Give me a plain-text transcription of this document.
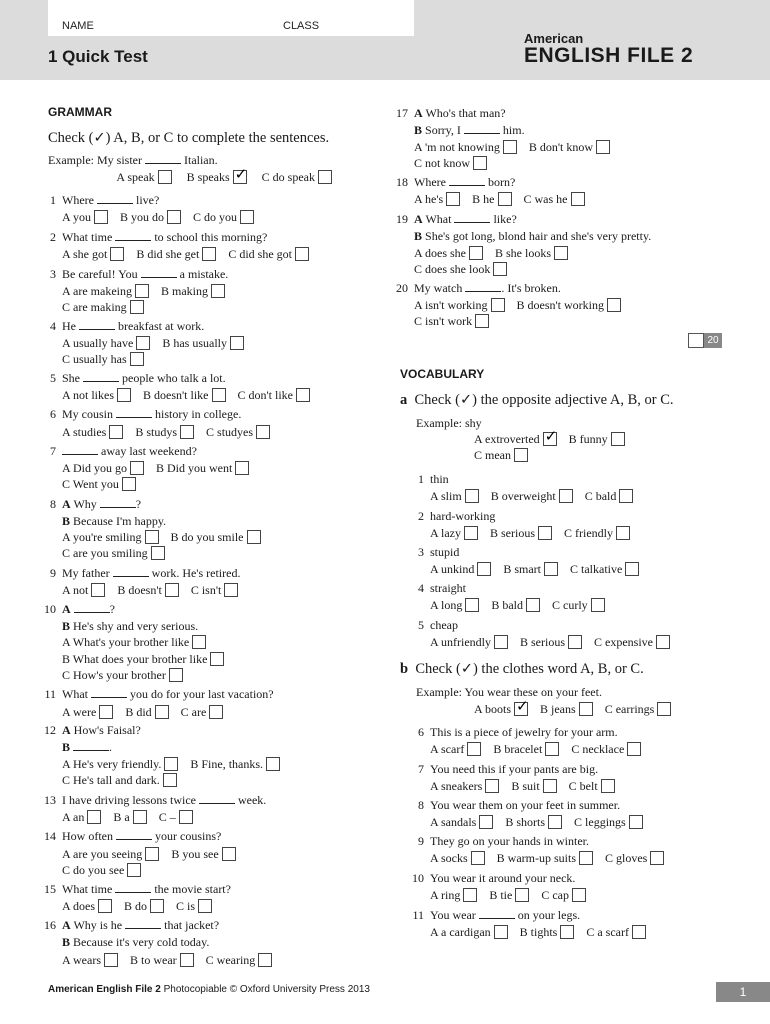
NAME	CLASS
1 Quick Test
American
ENGLISH FILE 2
GRAMMAR
Check (✓) A, B, or C to complete the sentences.
Example: My sister	Italian.
A speak	B speaks ✓	C do speak
1 Where	live?
A you B you do C do you
2 What time	to school this morning?
A she got B did she get C did she got
3 Be careful! You	a mistake.
A are makeing B making
C are making
4 He	breakfast at work.
A usually have B has usually
C usually has
5 She	people who talk a lot.
A not likes B doesn't like C don't like
6 My cousin	history in college.
A studies B studys C studyes
7	away last weekend?
A Did you go B Did you went
C Went you
8 A Why	?
B Because I'm happy.
A you're smiling B do you smile
C are you smiling
9 My father	work. He's retired.
A not B doesn't C isn't
10 A	?
B He's shy and very serious.
A What's your brother like
B What does your brother like
C How's your brother
11 What	you do for your last vacation?
A were B did C are
12 A How's Faisal?
B	.
A He's very friendly. B Fine, thanks.
C He's tall and dark.
13 I have driving lessons twice	week.
A an B a C –
14 How often	your cousins?
A are you seeing B you see
C do you see
15 What time	the movie start?
A does B do C is
16 A Why is he	that jacket?
B Because it's very cold today.
A wears B to wear C wearing
17 A Who's that man?
B Sorry, I	him.
A 'm not knowing B don't know
C not know
18 Where	born?
A he's B he C was he
19 A What	like?
B She's got long, blond hair and she's very pretty.
A does she B she looks
C does she look
20 My watch	. It's broken.
A isn't working B doesn't working
C isn't work
20
VOCABULARY
a Check (✓) the opposite adjective A, B, or C.
Example: shy
A extroverted ✓ B funny
C mean
1 thin
A slim B overweight C bald
2 hard-working
A lazy B serious C friendly
3 stupid
A unkind B smart C talkative
4 straight
A long B bald C curly
5 cheap
A unfriendly B serious C expensive
b Check (✓) the clothes word A, B, or C.
Example: You wear these on your feet.
A boots ✓ B jeans C earrings
6 This is a piece of jewelry for your arm.
A scarf B bracelet C necklace
7 You need this if your pants are big.
A sneakers B suit C belt
8 You wear them on your feet in summer.
A sandals B shorts C leggings
9 They go on your hands in winter.
A socks B warm-up suits C gloves
10 You wear it around your neck.
A ring B tie C cap
11 You wear	on your legs.
A a cardigan B tights C a scarf
American English File 2 Photocopiable © Oxford University Press 2013	1
